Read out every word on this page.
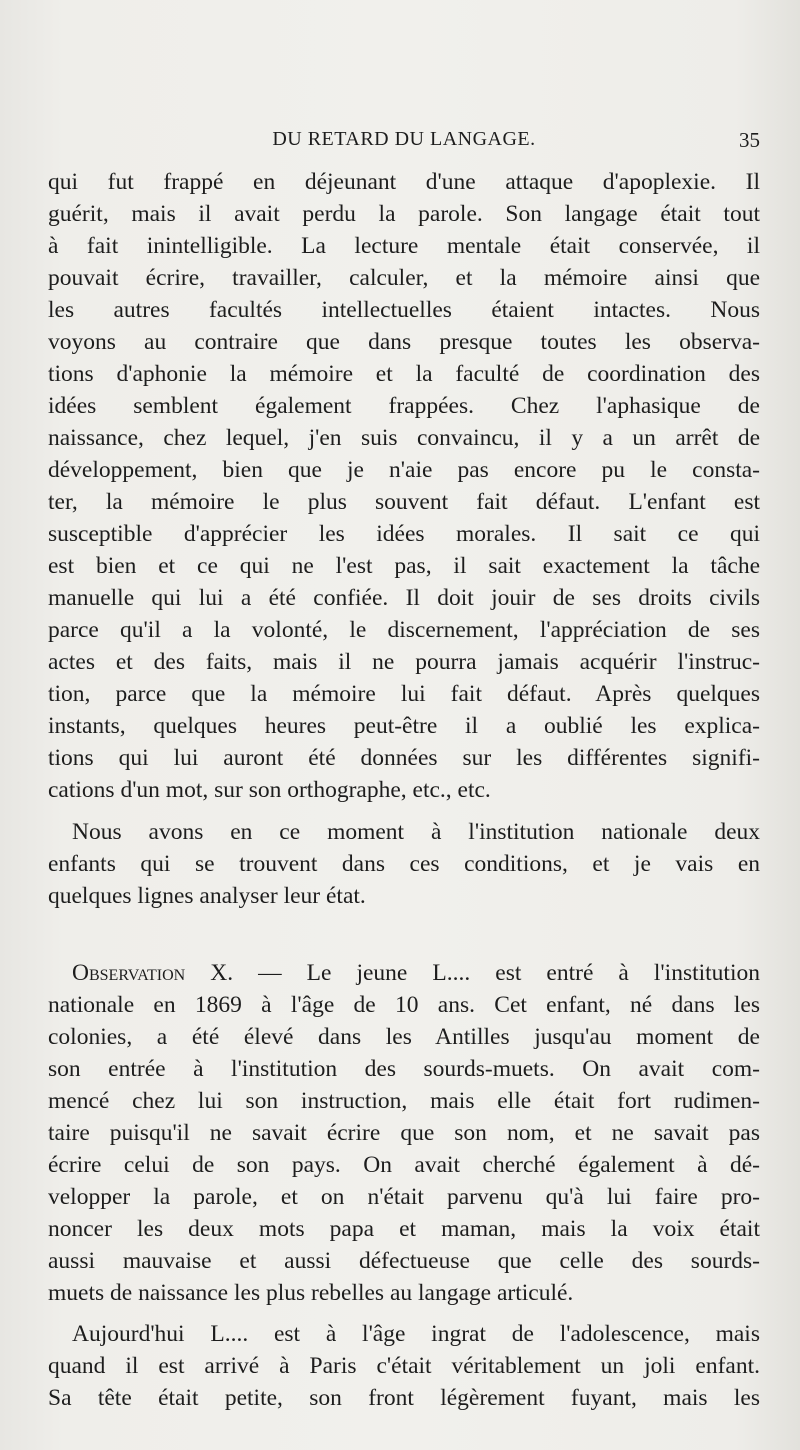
DU RETARD DU LANGAGE.	35
qui fut frappé en déjeunant d'une attaque d'apoplexie. Il
guérit, mais il avait perdu la parole. Son langage était tout
à fait inintelligible. La lecture mentale était conservée, il
pouvait écrire, travailler, calculer, et la mémoire ainsi que
les autres facultés intellectuelles étaient intactes. Nous
voyons au contraire que dans presque toutes les observa-
tions d'aphonie la mémoire et la faculté de coordination des
idées semblent également frappées. Chez l'aphasique de
naissance, chez lequel, j'en suis convaincu, il y a un arrêt de
développement, bien que je n'aie pas encore pu le consta-
ter, la mémoire le plus souvent fait défaut. L'enfant est
susceptible d'apprécier les idées morales. Il sait ce qui
est bien et ce qui ne l'est pas, il sait exactement la tâche
manuelle qui lui a été confiée. Il doit jouir de ses droits civils
parce qu'il a la volonté, le discernement, l'appréciation de ses
actes et des faits, mais il ne pourra jamais acquérir l'instruc-
tion, parce que la mémoire lui fait défaut. Après quelques
instants, quelques heures peut-être il a oublié les explica-
tions qui lui auront été données sur les différentes signifi-
cations d'un mot, sur son orthographe, etc., etc.
Nous avons en ce moment à l'institution nationale deux
enfants qui se trouvent dans ces conditions, et je vais en
quelques lignes analyser leur état.
Observation X. — Le jeune L.... est entré à l'institution
nationale en 1869 à l'âge de 10 ans. Cet enfant, né dans les
colonies, a été élevé dans les Antilles jusqu'au moment de
son entrée à l'institution des sourds-muets. On avait com-
mencé chez lui son instruction, mais elle était fort rudimen-
taire puisqu'il ne savait écrire que son nom, et ne savait pas
écrire celui de son pays. On avait cherché également à dé-
velopper la parole, et on n'était parvenu qu'à lui faire pro-
noncer les deux mots papa et maman, mais la voix était
aussi mauvaise et aussi défectueuse que celle des sourds-
muets de naissance les plus rebelles au langage articulé.
Aujourd'hui L.... est à l'âge ingrat de l'adolescence, mais
quand il est arrivé à Paris c'était véritablement un joli enfant.
Sa tête était petite, son front légèrement fuyant, mais les
